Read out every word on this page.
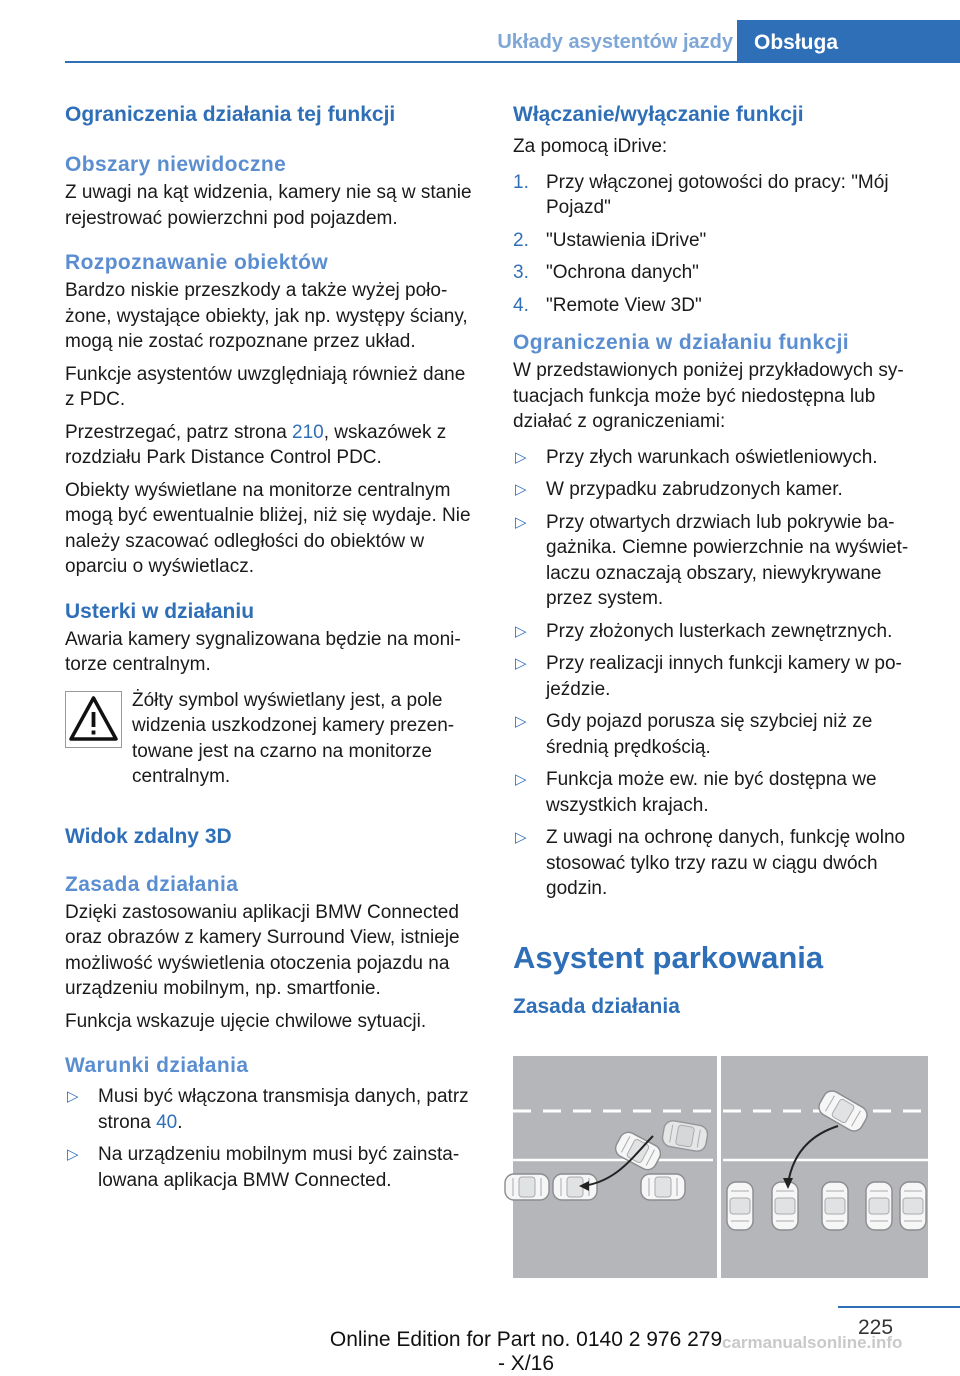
Układy asystentów jazdy	Obsługa
Ograniczenia działania tej funkcji
Obszary niewidoczne
Z uwagi na kąt widzenia, kamery nie są w stanie rejestrować powierzchni pod pojazdem.
Rozpoznawanie obiektów
Bardzo niskie przeszkody a także wyżej położone, wystające obiekty, jak np. występy ściany, mogą nie zostać rozpoznane przez układ.
Funkcje asystentów uwzględniają również dane z PDC.
Przestrzegać, patrz strona 210, wskazówek z rozdziału Park Distance Control PDC.
Obiekty wyświetlane na monitorze centralnym mogą być ewentualnie bliżej, niż się wydaje. Nie należy szacować odległości do obiektów w oparciu o wyświetlacz.
Usterki w działaniu
Awaria kamery sygnalizowana będzie na monitorze centralnym.
Żółty symbol wyświetlany jest, a pole widzenia uszkodzonej kamery prezentowane jest na czarno na monitorze centralnym.
Widok zdalny 3D
Zasada działania
Dzięki zastosowaniu aplikacji BMW Connected oraz obrazów z kamery Surround View, istnieje możliwość wyświetlenia otoczenia pojazdu na urządzeniu mobilnym, np. smartfonie.
Funkcja wskazuje ujęcie chwilowe sytuacji.
Warunki działania
▷ Musi być włączona transmisja danych, patrz strona 40.
▷ Na urządzeniu mobilnym musi być zainstalowana aplikacja BMW Connected.
Włączanie/wyłączanie funkcji
Za pomocą iDrive:
1. Przy włączonej gotowości do pracy: "Mój Pojazd"
2. "Ustawienia iDrive"
3. "Ochrona danych"
4. "Remote View 3D"
Ograniczenia w działaniu funkcji
W przedstawionych poniżej przykładowych sytuacjach funkcja może być niedostępna lub działać z ograniczeniami:
▷ Przy złych warunkach oświetleniowych.
▷ W przypadku zabrudzonych kamer.
▷ Przy otwartych drzwiach lub pokrywie bagażnika. Ciemne powierzchnie na wyświetlaczu oznaczają obszary, niewykrywane przez system.
▷ Przy złożonych lusterkach zewnętrznych.
▷ Przy realizacji innych funkcji kamery w pojeździe.
▷ Gdy pojazd porusza się szybciej niż ze średnią prędkością.
▷ Funkcja może ew. nie być dostępna we wszystkich krajach.
▷ Z uwagi na ochronę danych, funkcję wolno stosować tylko trzy razu w ciągu dwóch godzin.
Asystent parkowania
Zasada działania
225
Online Edition for Part no. 0140 2 976 279 - X/16
carmanualsonline.info
